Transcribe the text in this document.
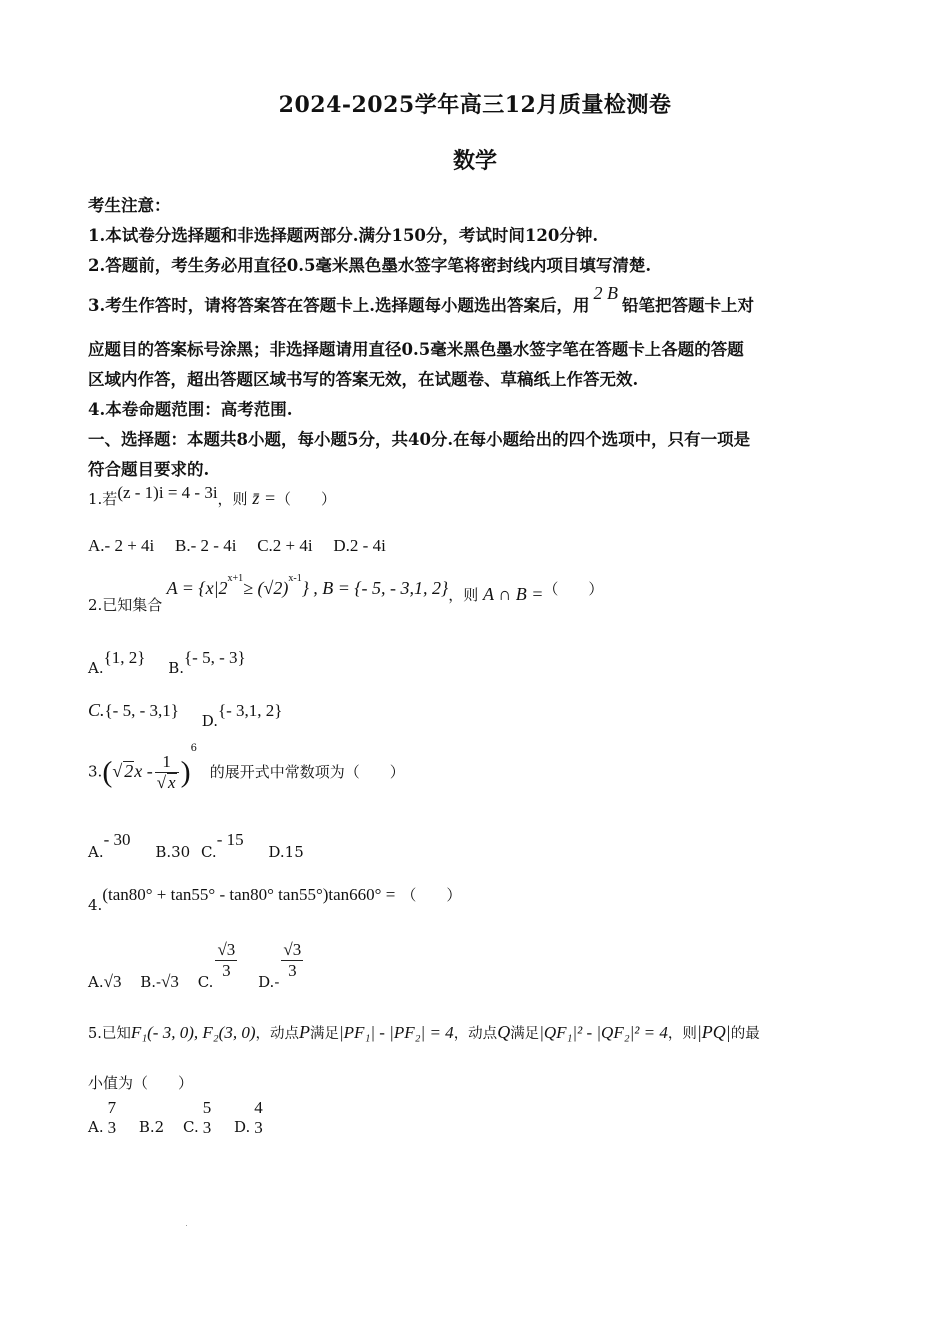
2024-2025学年高三12月质量检测卷
数学
考生注意：
1.本试卷分选择题和非选择题两部分.满分150分，考试时间120分钟.
2.答题前，考生务必用直径0.5毫米黑色墨水签字笔将密封线内项目填写清楚.
3.考生作答时，请将答案答在答题卡上.选择题每小题选出答案后，用2 B铅笔把答题卡上对
应题目的答案标号涂黑；非选择题请用直径0.5毫米黑色墨水签字笔在答题卡上各题的答题
区域内作答，超出答题区域书写的答案无效，在试题卷、草稿纸上作答无效.
4.本卷命题范围：高考范围.
一、选择题：本题共8小题，每小题5分，共40分.在每小题给出的四个选项中，只有一项是
符合题目要求的.
1.若(z - 1)i = 4 - 3i，则 z̄ =（　　）
A.- 2 + 4i B.- 2 - 4i C.2 + 4i D.2 - 4i
2.已知集合 $A = \{x|2^{x+1}\ge (√2)^{x-1}\}$ , B = {- 5, - 3,1, 2}，则 A ∩ B =（　　）
A.{1, 2} B.{- 5, - 3}
C.{- 5, - 3,1} D.{- 3,1, 2}
3.(√ $2x - \frac{1}{√ x} )^6$ 的展开式中常数项为（　　）
A.- 30 B.30 C.- 15 D.15
4.(tan80° + tan55° - tan80° tan55°)tan660° = （　　）
A.√3 B.-√3 C.
$\frac{√3}{3}$
D.-
$\frac{√3}{3}$
5.已知F₁(- 3, 0), F₂(3, 0)，动点P满足|PF₁| - |PF₂| = 4，动点Q满足|QF₁|² - |QF₂|² = 4，则|PQ|的最
小值为（　　）
A.
7
3 B.2 C.
5
3 D.
4
3
